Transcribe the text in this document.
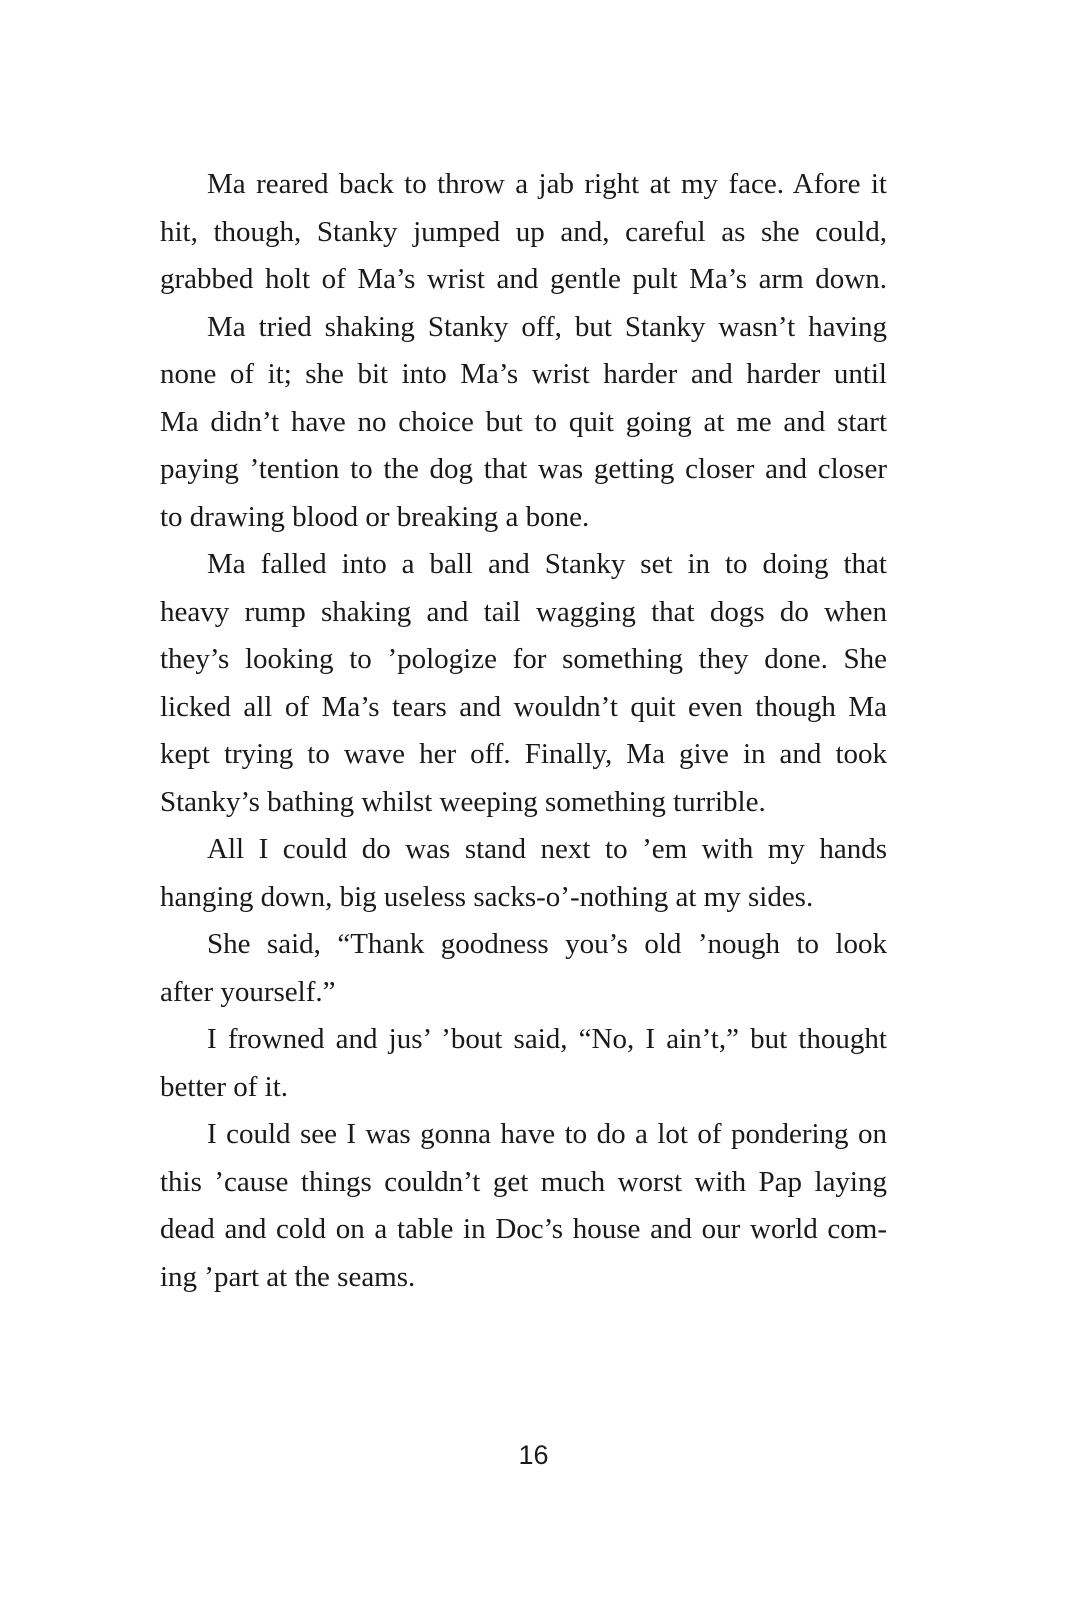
Ma reared back to throw a jab right at my face. Afore it
hit, though, Stanky jumped up and, careful as she could,
grabbed holt of Ma’s wrist and gentle pult Ma’s arm down.
Ma tried shaking Stanky off, but Stanky wasn’t having
none of it; she bit into Ma’s wrist harder and harder until
Ma didn’t have no choice but to quit going at me and start
paying ’tention to the dog that was getting closer and closer
to drawing blood or breaking a bone.
Ma falled into a ball and Stanky set in to doing that
heavy rump shaking and tail wagging that dogs do when
they’s looking to ’pologize for something they done. She
licked all of Ma’s tears and wouldn’t quit even though Ma
kept trying to wave her off. Finally, Ma give in and took
Stanky’s bathing whilst weeping something turrible.
All I could do was stand next to ’em with my hands
hanging down, big useless sacks-o’-nothing at my sides.
She said, “Thank goodness you’s old ’nough to look
after yourself.”
I frowned and jus’ ’bout said, “No, I ain’t,” but thought
better of it.
I could see I was gonna have to do a lot of pondering on
this ’cause things couldn’t get much worst with Pap laying
dead and cold on a table in Doc’s house and our world com-
ing ’part at the seams.
16
